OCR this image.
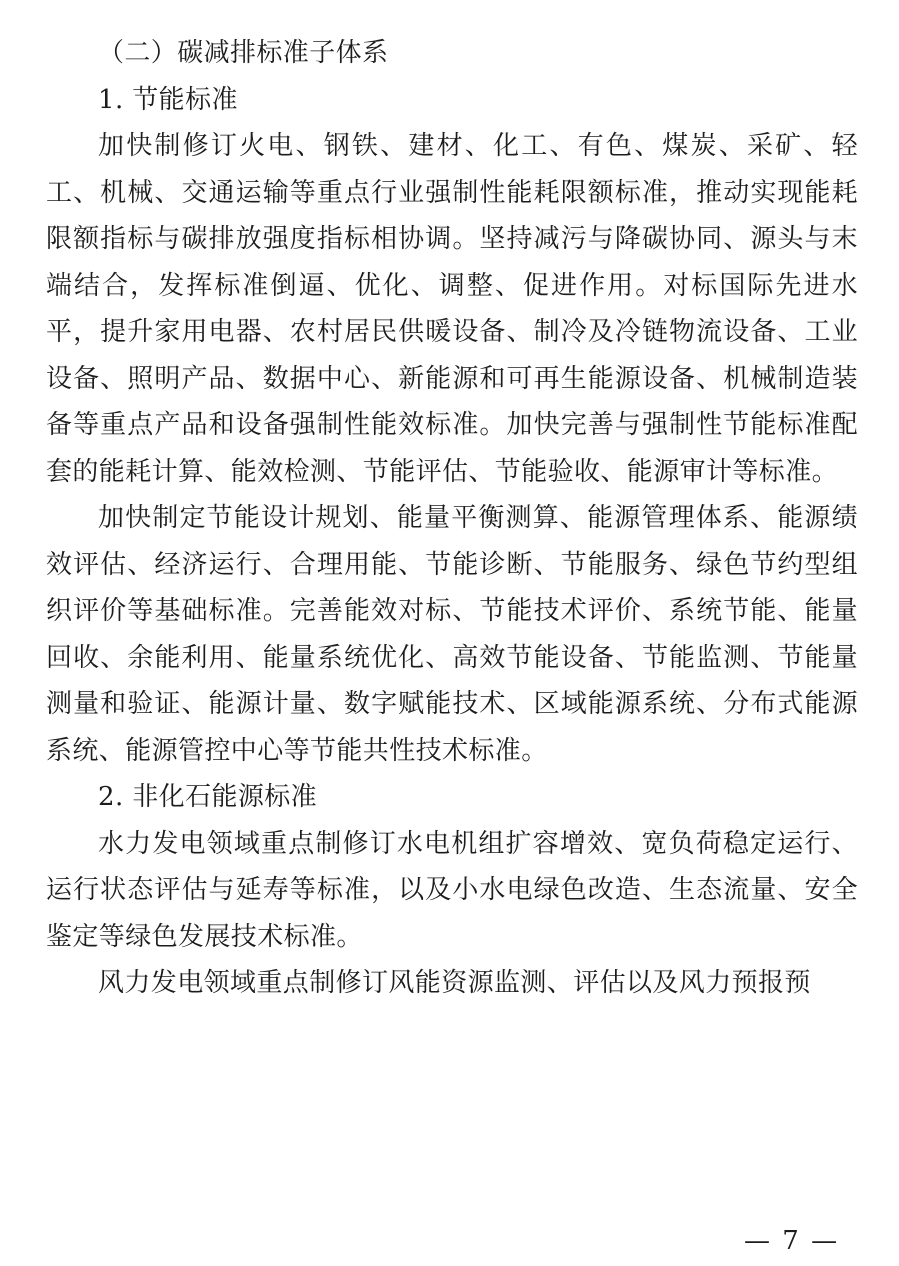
（二）碳减排标准子体系

1. 节能标准

加快制修订火电、钢铁、建材、化工、有色、煤炭、采矿、轻工、机械、交通运输等重点行业强制性能耗限额标准，推动实现能耗限额指标与碳排放强度指标相协调。坚持减污与降碳协同、源头与末端结合，发挥标准倒逼、优化、调整、促进作用。对标国际先进水平，提升家用电器、农村居民供暖设备、制冷及冷链物流设备、工业设备、照明产品、数据中心、新能源和可再生能源设备、机械制造装备等重点产品和设备强制性能效标准。加快完善与强制性节能标准配套的能耗计算、能效检测、节能评估、节能验收、能源审计等标准。

加快制定节能设计规划、能量平衡测算、能源管理体系、能源绩效评估、经济运行、合理用能、节能诊断、节能服务、绿色节约型组织评价等基础标准。完善能效对标、节能技术评价、系统节能、能量回收、余能利用、能量系统优化、高效节能设备、节能监测、节能量测量和验证、能源计量、数字赋能技术、区域能源系统、分布式能源系统、能源管控中心等节能共性技术标准。

2. 非化石能源标准

水力发电领域重点制修订水电机组扩容增效、宽负荷稳定运行、运行状态评估与延寿等标准，以及小水电绿色改造、生态流量、安全鉴定等绿色发展技术标准。

风力发电领域重点制修订风能资源监测、评估以及风力预报预

— 7 —
